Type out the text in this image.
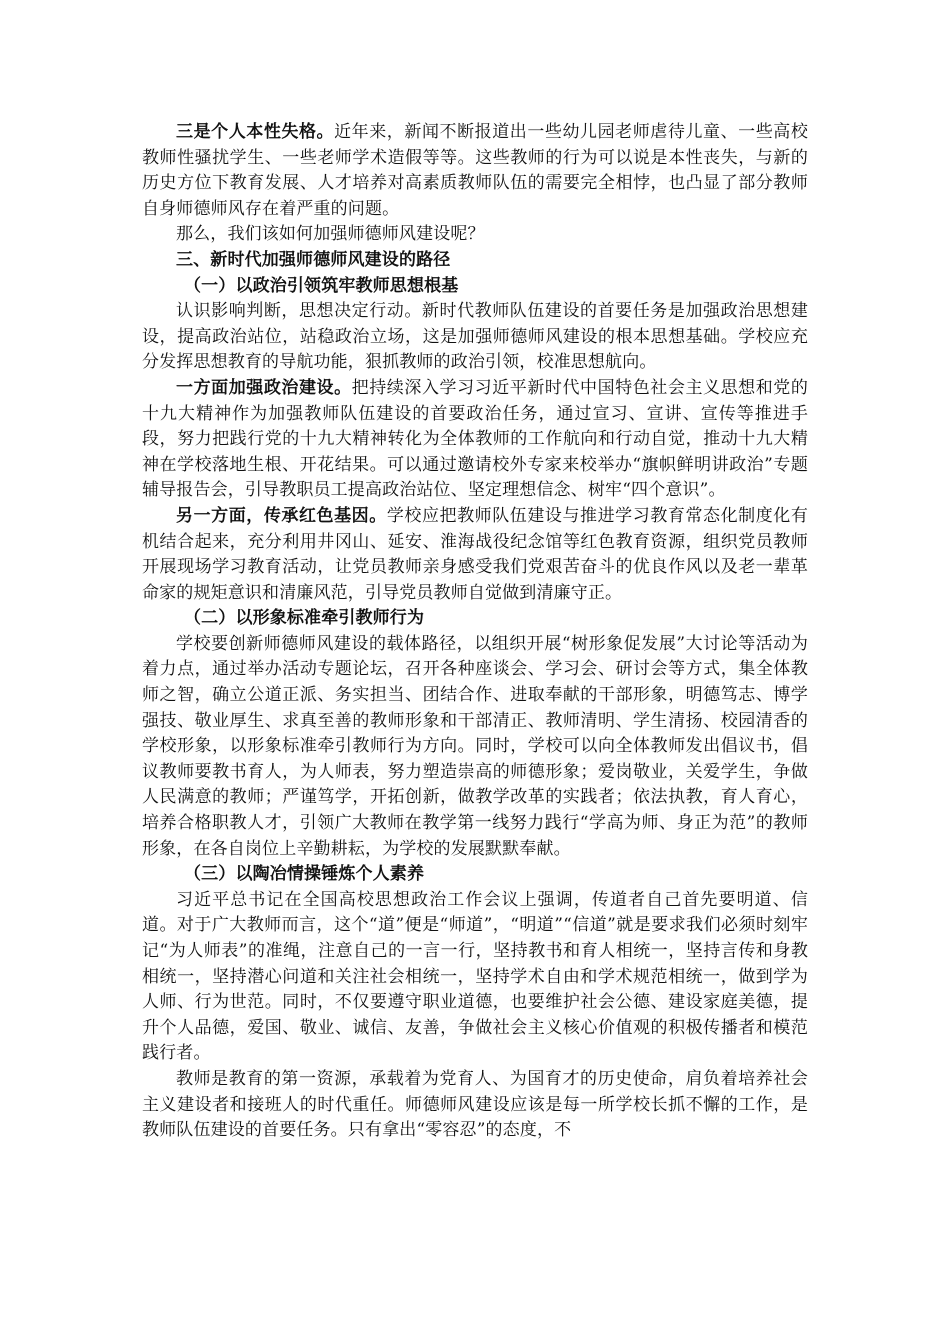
三是个人本性失格。近年来，新闻不断报道出一些幼儿园老师虐待儿童、一些高校教师性骚扰学生、一些老师学术造假等等。这些教师的行为可以说是本性丧失，与新的历史方位下教育发展、人才培养对高素质教师队伍的需要完全相悖，也凸显了部分教师自身师德师风存在着严重的问题。

那么，我们该如何加强师德师风建设呢？

三、新时代加强师德师风建设的路径

（一）以政治引领筑牢教师思想根基

认识影响判断，思想决定行动。新时代教师队伍建设的首要任务是加强政治思想建设，提高政治站位，站稳政治立场，这是加强师德师风建设的根本思想基础。学校应充分发挥思想教育的导航功能，狠抓教师的政治引领，校准思想航向。

一方面加强政治建设。把持续深入学习习近平新时代中国特色社会主义思想和党的十九大精神作为加强教师队伍建设的首要政治任务，通过宣习、宣讲、宣传等推进手段，努力把践行党的十九大精神转化为全体教师的工作航向和行动自觉，推动十九大精神在学校落地生根、开花结果。可以通过邀请校外专家来校举办“旗帜鲜明讲政治”专题辅导报告会，引导教职员工提高政治站位、坚定理想信念、树牢“四个意识”。

另一方面，传承红色基因。学校应把教师队伍建设与推进学习教育常态化制度化有机结合起来，充分利用井冈山、延安、淮海战役纪念馆等红色教育资源，组织党员教师开展现场学习教育活动，让党员教师亲身感受我们党艰苦奋斗的优良作风以及老一辈革命家的规矩意识和清廉风范，引导党员教师自觉做到清廉守正。

（二）以形象标准牵引教师行为

学校要创新师德师风建设的载体路径，以组织开展“树形象促发展”大讨论等活动为着力点，通过举办活动专题论坛，召开各种座谈会、学习会、研讨会等方式，集全体教师之智，确立公道正派、务实担当、团结合作、进取奉献的干部形象，明德笃志、博学强技、敬业厚生、求真至善的教师形象和干部清正、教师清明、学生清扬、校园清香的学校形象，以形象标准牵引教师行为方向。同时，学校可以向全体教师发出倡议书，倡议教师要教书育人，为人师表，努力塑造崇高的师德形象；爱岗敬业，关爱学生，争做人民满意的教师；严谨笃学，开拓创新，做教学改革的实践者；依法执教，育人育心，培养合格职教人才，引领广大教师在教学第一线努力践行“学高为师、身正为范”的教师形象，在各自岗位上辛勤耕耘，为学校的发展默默奉献。

（三）以陶冶情操锤炼个人素养

习近平总书记在全国高校思想政治工作会议上强调，传道者自己首先要明道、信道。对于广大教师而言，这个“道”便是“师道”，“明道”“信道”就是要求我们必须时刻牢记“为人师表”的准绳，注意自己的一言一行，坚持教书和育人相统一，坚持言传和身教相统一，坚持潜心问道和关注社会相统一，坚持学术自由和学术规范相统一，做到学为人师、行为世范。同时，不仅要遵守职业道德，也要维护社会公德、建设家庭美德，提升个人品德，爱国、敬业、诚信、友善，争做社会主义核心价值观的积极传播者和模范践行者。

教师是教育的第一资源，承载着为党育人、为国育才的历史使命，肩负着培养社会主义建设者和接班人的时代重任。师德师风建设应该是每一所学校长抓不懈的工作，是教师队伍建设的首要任务。只有拿出“零容忍”的态度，不
